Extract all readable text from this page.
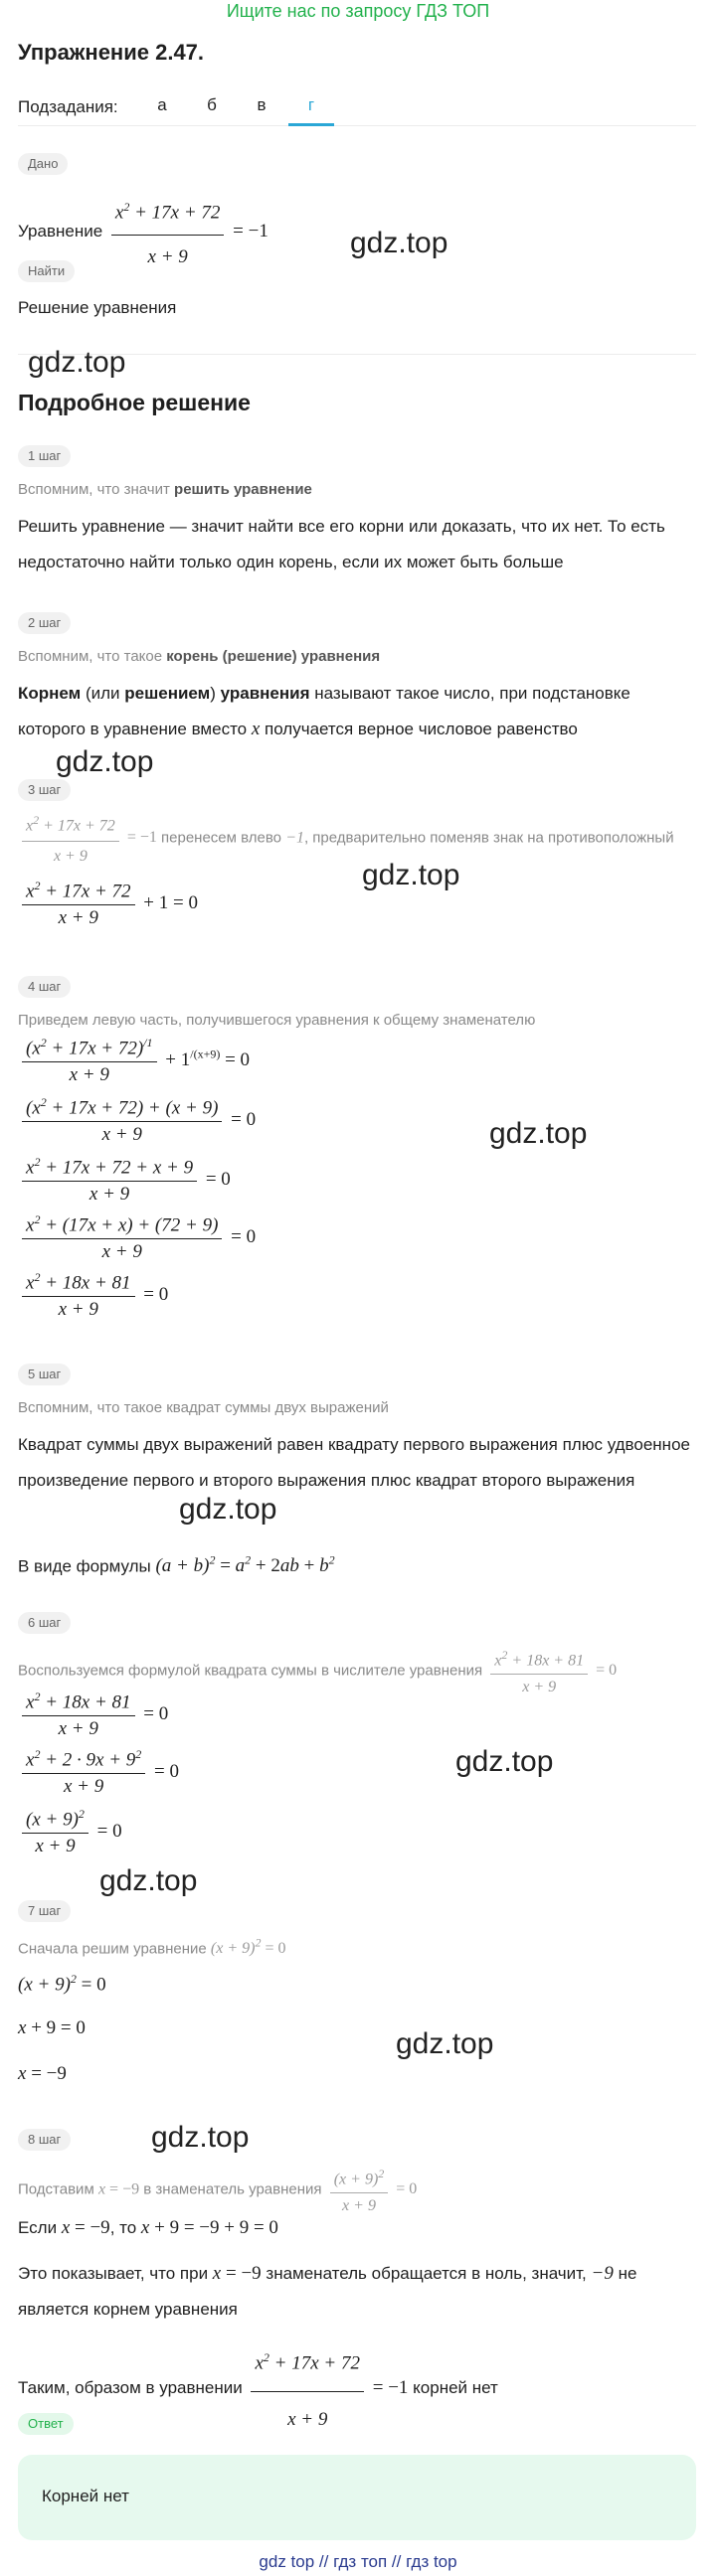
Ищите нас по запросу ГДЗ ТОП
Упражнение 2.47.
Подзадания:	а	б	в	г
Дано
Уравнение $\frac{x^2 + 17x + 72}{x + 9} = -1$
Найти
Решение уравнения
Подробное решение
1 шаг
Вспомним, что значит решить уравнение
Решить уравнение — значит найти все его корни или доказать, что их нет. То есть недостаточно найти только один корень, если их может быть больше
2 шаг
Вспомним, что такое корень (решение) уравнения
Корнем (или решением) уравнения называют такое число, при подстановке которого в уравнение вместо x получается верное числовое равенство
3 шаг
$\frac{x^2 + 17x + 72}{x + 9} = -1$ перенесем влево −1, предварительно поменяв знак на противоположный
$\frac{x^2 + 17x + 72}{x + 9} + 1 = 0$
4 шаг
Приведем левую часть, получившегося уравнения к общему знаменателю
$\frac{(x^2 + 17x + 72)^{/1}}{x + 9} + 1^{/(x+9)} = 0$
$\frac{(x^2 + 17x + 72) + (x + 9)}{x + 9} = 0$
$\frac{x^2 + 17x + 72 + x + 9}{x + 9} = 0$
$\frac{x^2 + (17x + x) + (72 + 9)}{x + 9} = 0$
$\frac{x^2 + 18x + 81}{x + 9} = 0$
5 шаг
Вспомним, что такое квадрат суммы двух выражений
Квадрат суммы двух выражений равен квадрату первого выражения плюс удвоенное произведение первого и второго выражения плюс квадрат второго выражения
В виде формулы $(a + b)^2 = a^2 + 2ab + b^2$
6 шаг
Воспользуемся формулой квадрата суммы в числителе уравнения $\frac{x^2 + 18x + 81}{x + 9} = 0$
$\frac{x^2 + 18x + 81}{x + 9} = 0$
$\frac{x^2 + 2 \cdot 9x + 9^2}{x + 9} = 0$
$\frac{(x + 9)^2}{x + 9} = 0$
7 шаг
Сначала решим уравнение $(x + 9)^2 = 0$
$(x + 9)^2 = 0$
x + 9 = 0
x = −9
8 шаг
Подставим x = −9 в знаменатель уравнения $\frac{(x + 9)^2}{x + 9} = 0$
Если x = −9, то x + 9 = −9 + 9 = 0
Это показывает, что при x = −9 знаменатель обращается в ноль, значит, −9 не является корнем уравнения
Таким, образом в уравнении $\frac{x^2 + 17x + 72}{x + 9} = -1$ корней нет
Ответ
Корней нет
gdz top // гдз топ // гдз top
gdz.top
gdz.top
gdz.top
gdz.top
gdz.top
gdz.top
gdz.top
gdz.top
gdz.top
gdz.top
